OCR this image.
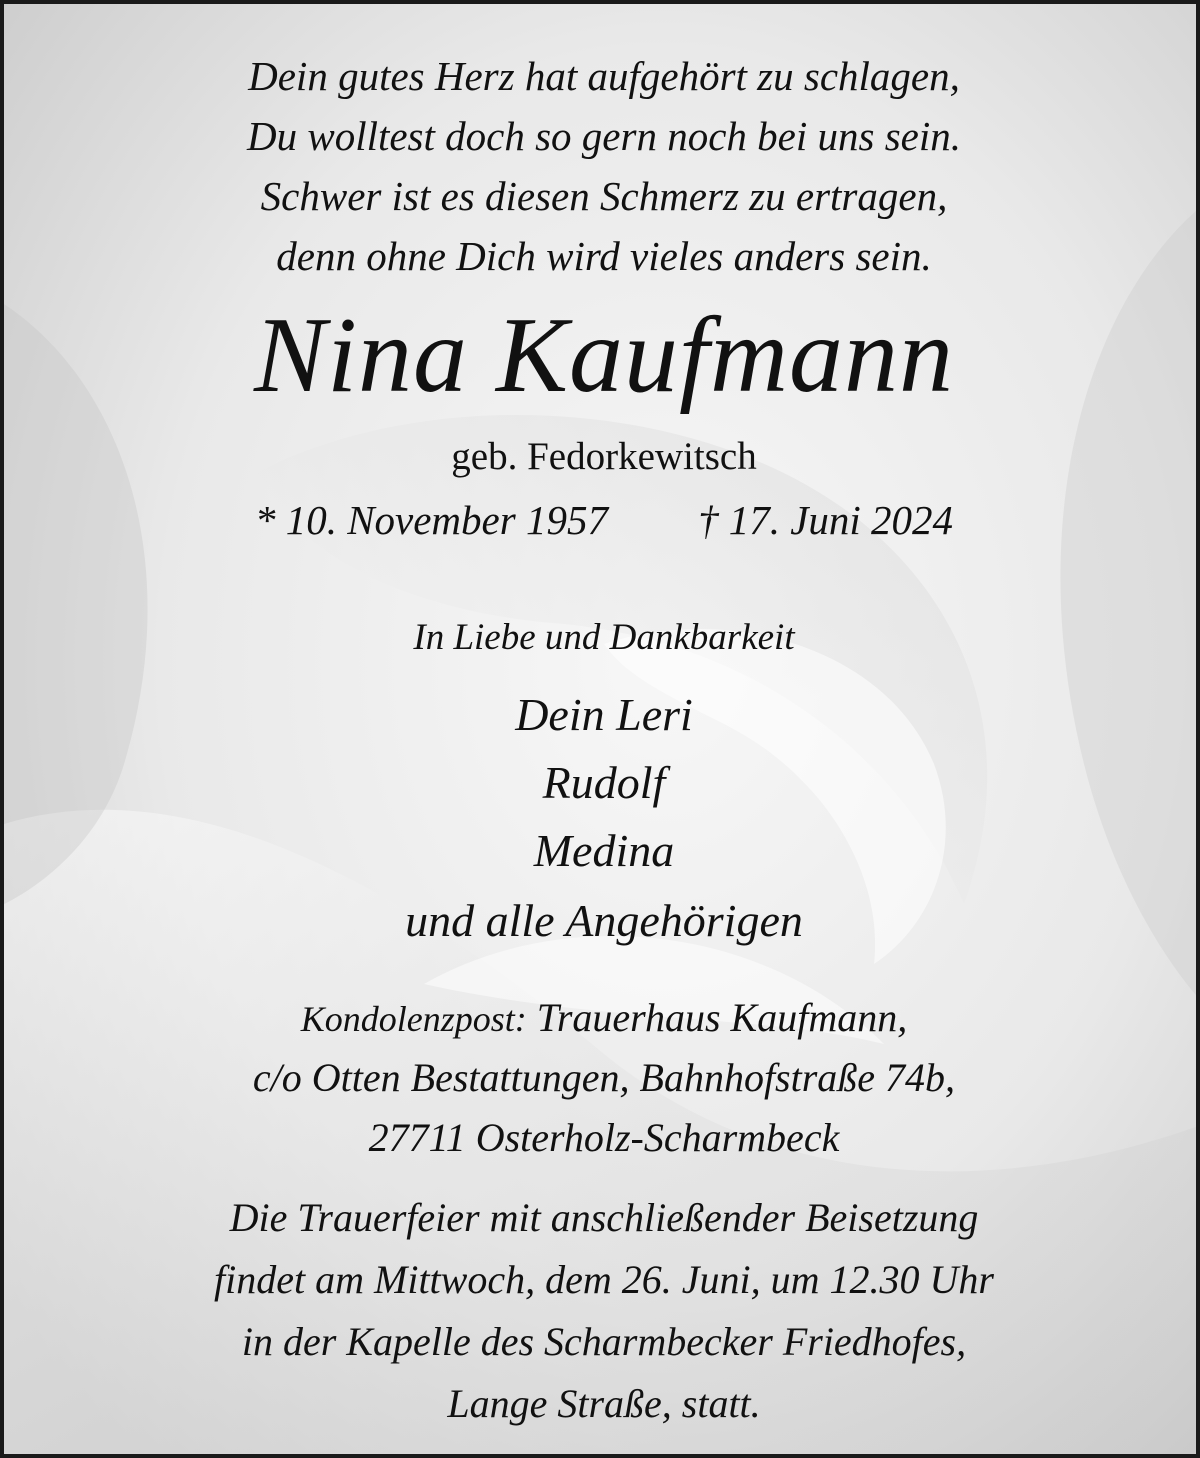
Dein gutes Herz hat aufgehört zu schlagen,
Du wolltest doch so gern noch bei uns sein.
Schwer ist es diesen Schmerz zu ertragen,
denn ohne Dich wird vieles anders sein.
Nina Kaufmann
geb. Fedorkewitsch
* 10. November 1957 † 17. Juni 2024
In Liebe und Dankbarkeit
Dein Leri
Rudolf
Medina
und alle Angehörigen
Kondolenzpost: Trauerhaus Kaufmann,
c/o Otten Bestattungen, Bahnhofstraße 74b,
27711 Osterholz-Scharmbeck
Die Trauerfeier mit anschließender Beisetzung
findet am Mittwoch, dem 26. Juni, um 12.30 Uhr
in der Kapelle des Scharmbecker Friedhofes,
Lange Straße, statt.
